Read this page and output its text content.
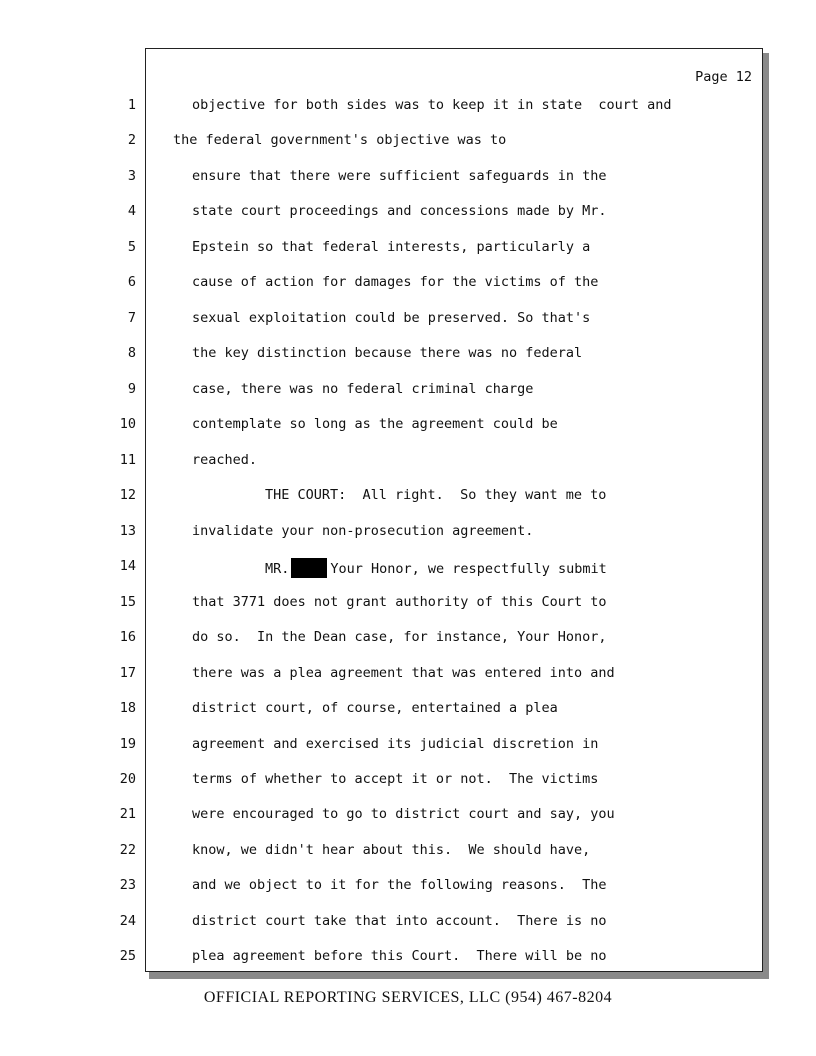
Page 12
1
2
3
4
5
6
7
8
9
10
11
12
13
14
15
16
17
18
19
20
21
22
23
24
25
objective for both sides was to keep it in state  court and
the federal government's objective was to
ensure that there were sufficient safeguards in the
state court proceedings and concessions made by Mr.
Epstein so that federal interests, particularly a
cause of action for damages for the victims of the
sexual exploitation could be preserved. So that's
the key distinction because there was no federal
case, there was no federal criminal charge
contemplate so long as the agreement could be
reached.
THE COURT:  All right.  So they want me to
invalidate your non-prosecution agreement.
MR.	Your Honor, we respectfully submit
that 3771 does not grant authority of this Court to
do so.  In the Dean case, for instance, Your Honor,
there was a plea agreement that was entered into and
district court, of course, entertained a plea
agreement and exercised its judicial discretion in
terms of whether to accept it or not.  The victims
were encouraged to go to district court and say, you
know, we didn't hear about this.  We should have,
and we object to it for the following reasons.  The
district court take that into account.  There is no
plea agreement before this Court.  There will be no
OFFICIAL REPORTING SERVICES, LLC (954) 467-8204
